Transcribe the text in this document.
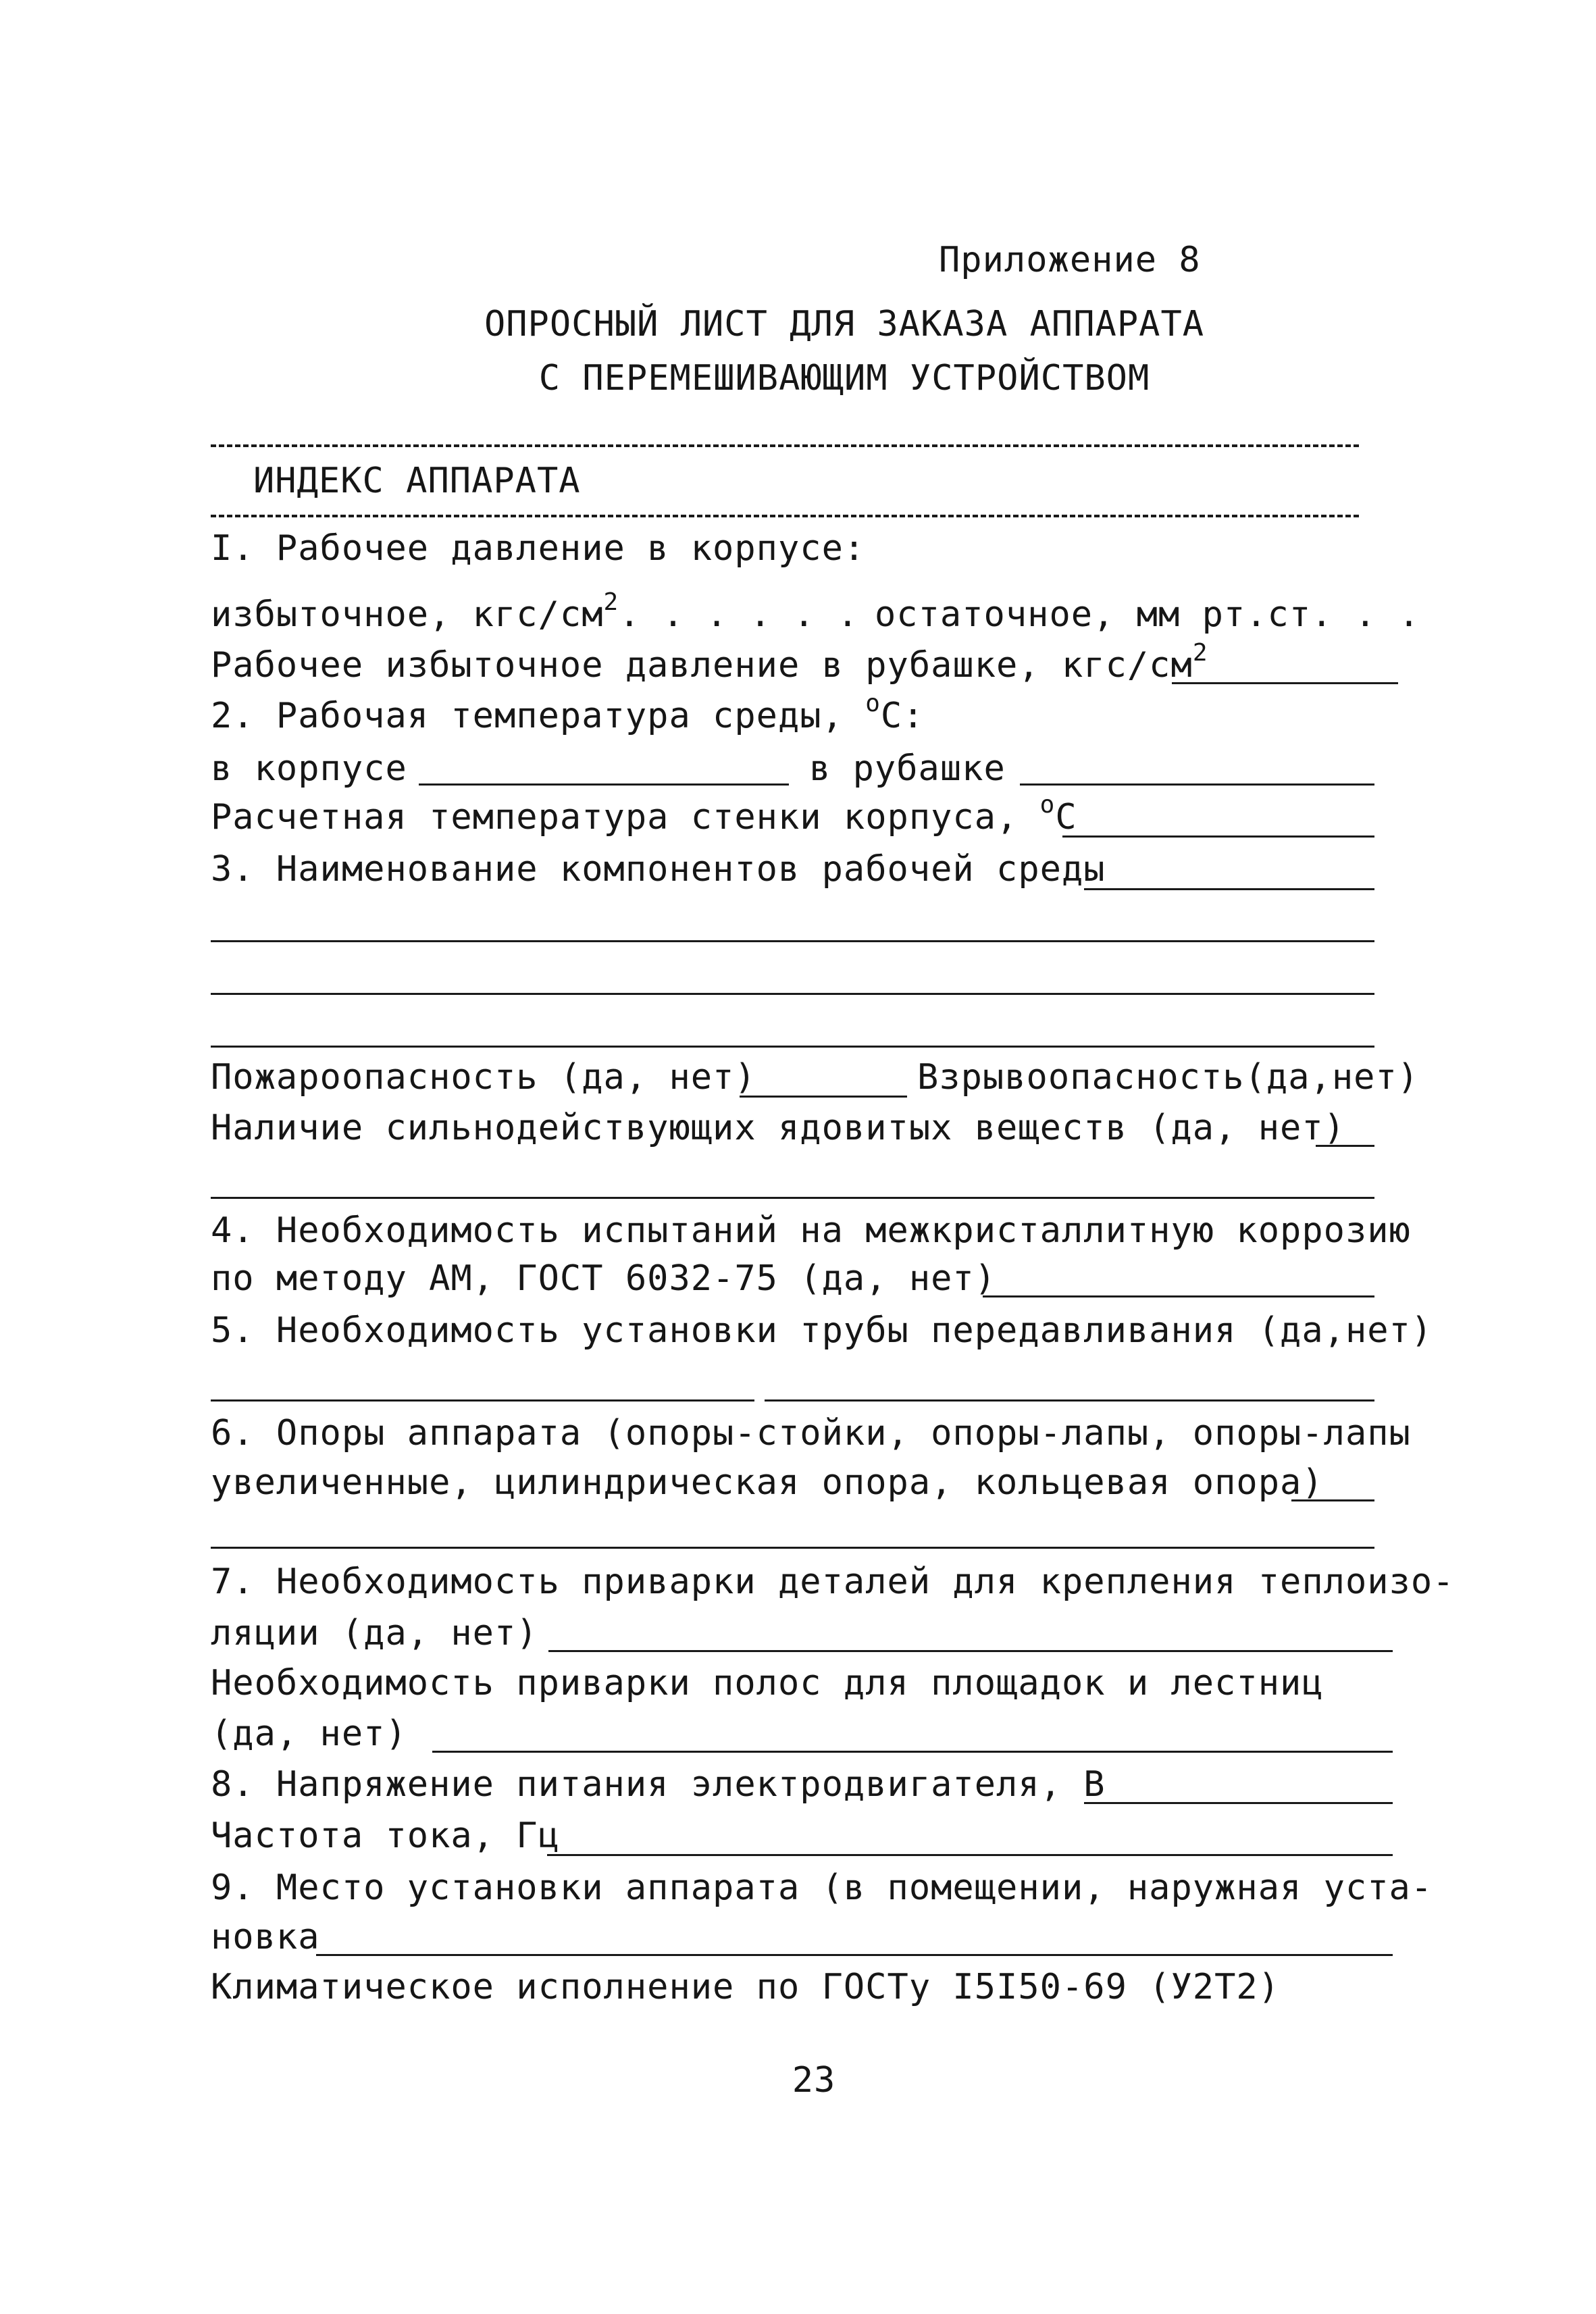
Приложение 8
ОПРОСНЫЙ ЛИСТ ДЛЯ ЗАКАЗА АППАРАТА
С ПЕРЕМЕШИВАЮЩИМ УСТРОЙСТВОМ
ИНДЕКС АППАРАТА
I. Рабочее давление в корпусе:
избыточное, кгс/$см^2$. . . . . . остаточное, мм рт.ст. . .
Рабочее избыточное давление в рубашке, кгс/$см^2$
2. Рабочая температура среды, $^о$С:
в корпусе	в рубашке
Расчетная температура стенки корпуса, $^о$С
3. Наименование компонентов рабочей среды
Пожароопасность (да, нет)	Взрывоопасность(да,нет)
Наличие сильнодействующих ядовитых веществ (да, нет)
4. Необходимость испытаний на межкристаллитную коррозию
по методу АМ, ГОСТ 6032-75 (да, нет)
5. Необходимость установки трубы передавливания (да,нет)
6. Опоры аппарата (опоры-стойки, опоры-лапы, опоры-лапы
увеличенные, цилиндрическая опора, кольцевая опора)
7. Необходимость приварки деталей для крепления теплоизо-
ляции (да, нет)
Необходимость приварки полос для площадок и лестниц
(да, нет)
8. Напряжение питания электродвигателя, В
Частота тока, Гц
9. Место установки аппарата (в помещении, наружная уста-
новка
Климатическое исполнение по ГОСТу I5I50-69 (У2Т2)
23
